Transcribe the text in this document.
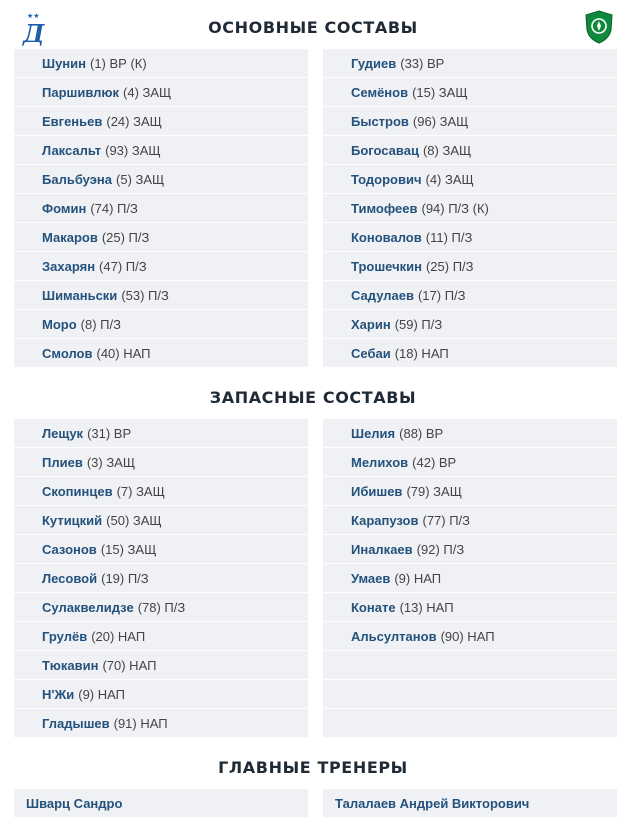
★★
Д	ОСНОВНЫЕ СОСТАВЫ
Шунин (1) ВР (К)
Паршивлюк (4) ЗАЩ
Евгеньев (24) ЗАЩ
Лаксальт (93) ЗАЩ
Бальбуэна (5) ЗАЩ
Фомин (74) П/З
Макаров (25) П/З
Захарян (47) П/З
Шиманьски (53) П/З
Моро (8) П/З
Смолов (40) НАП
Гудиев (33) ВР
Семёнов (15) ЗАЩ
Быстров (96) ЗАЩ
Богосавац (8) ЗАЩ
Тодорович (4) ЗАЩ
Тимофеев (94) П/З (К)
Коновалов (11) П/З
Трошечкин (25) П/З
Садулаев (17) П/З
Харин (59) П/З
Себаи (18) НАП
ЗАПАСНЫЕ СОСТАВЫ
Лещук (31) ВР
Плиев (3) ЗАЩ
Скопинцев (7) ЗАЩ
Кутицкий (50) ЗАЩ
Сазонов (15) ЗАЩ
Лесовой (19) П/З
Сулаквелидзе (78) П/З
Грулёв (20) НАП
Тюкавин (70) НАП
Н'Жи (9) НАП
Гладышев (91) НАП
Шелия (88) ВР
Мелихов (42) ВР
Ибишев (79) ЗАЩ
Карапузов (77) П/З
Иналкаев (92) П/З
Умаев (9) НАП
Конате (13) НАП
Альсултанов (90) НАП
ГЛАВНЫЕ ТРЕНЕРЫ
Шварц Сандро	Талалаев Андрей Викторович
